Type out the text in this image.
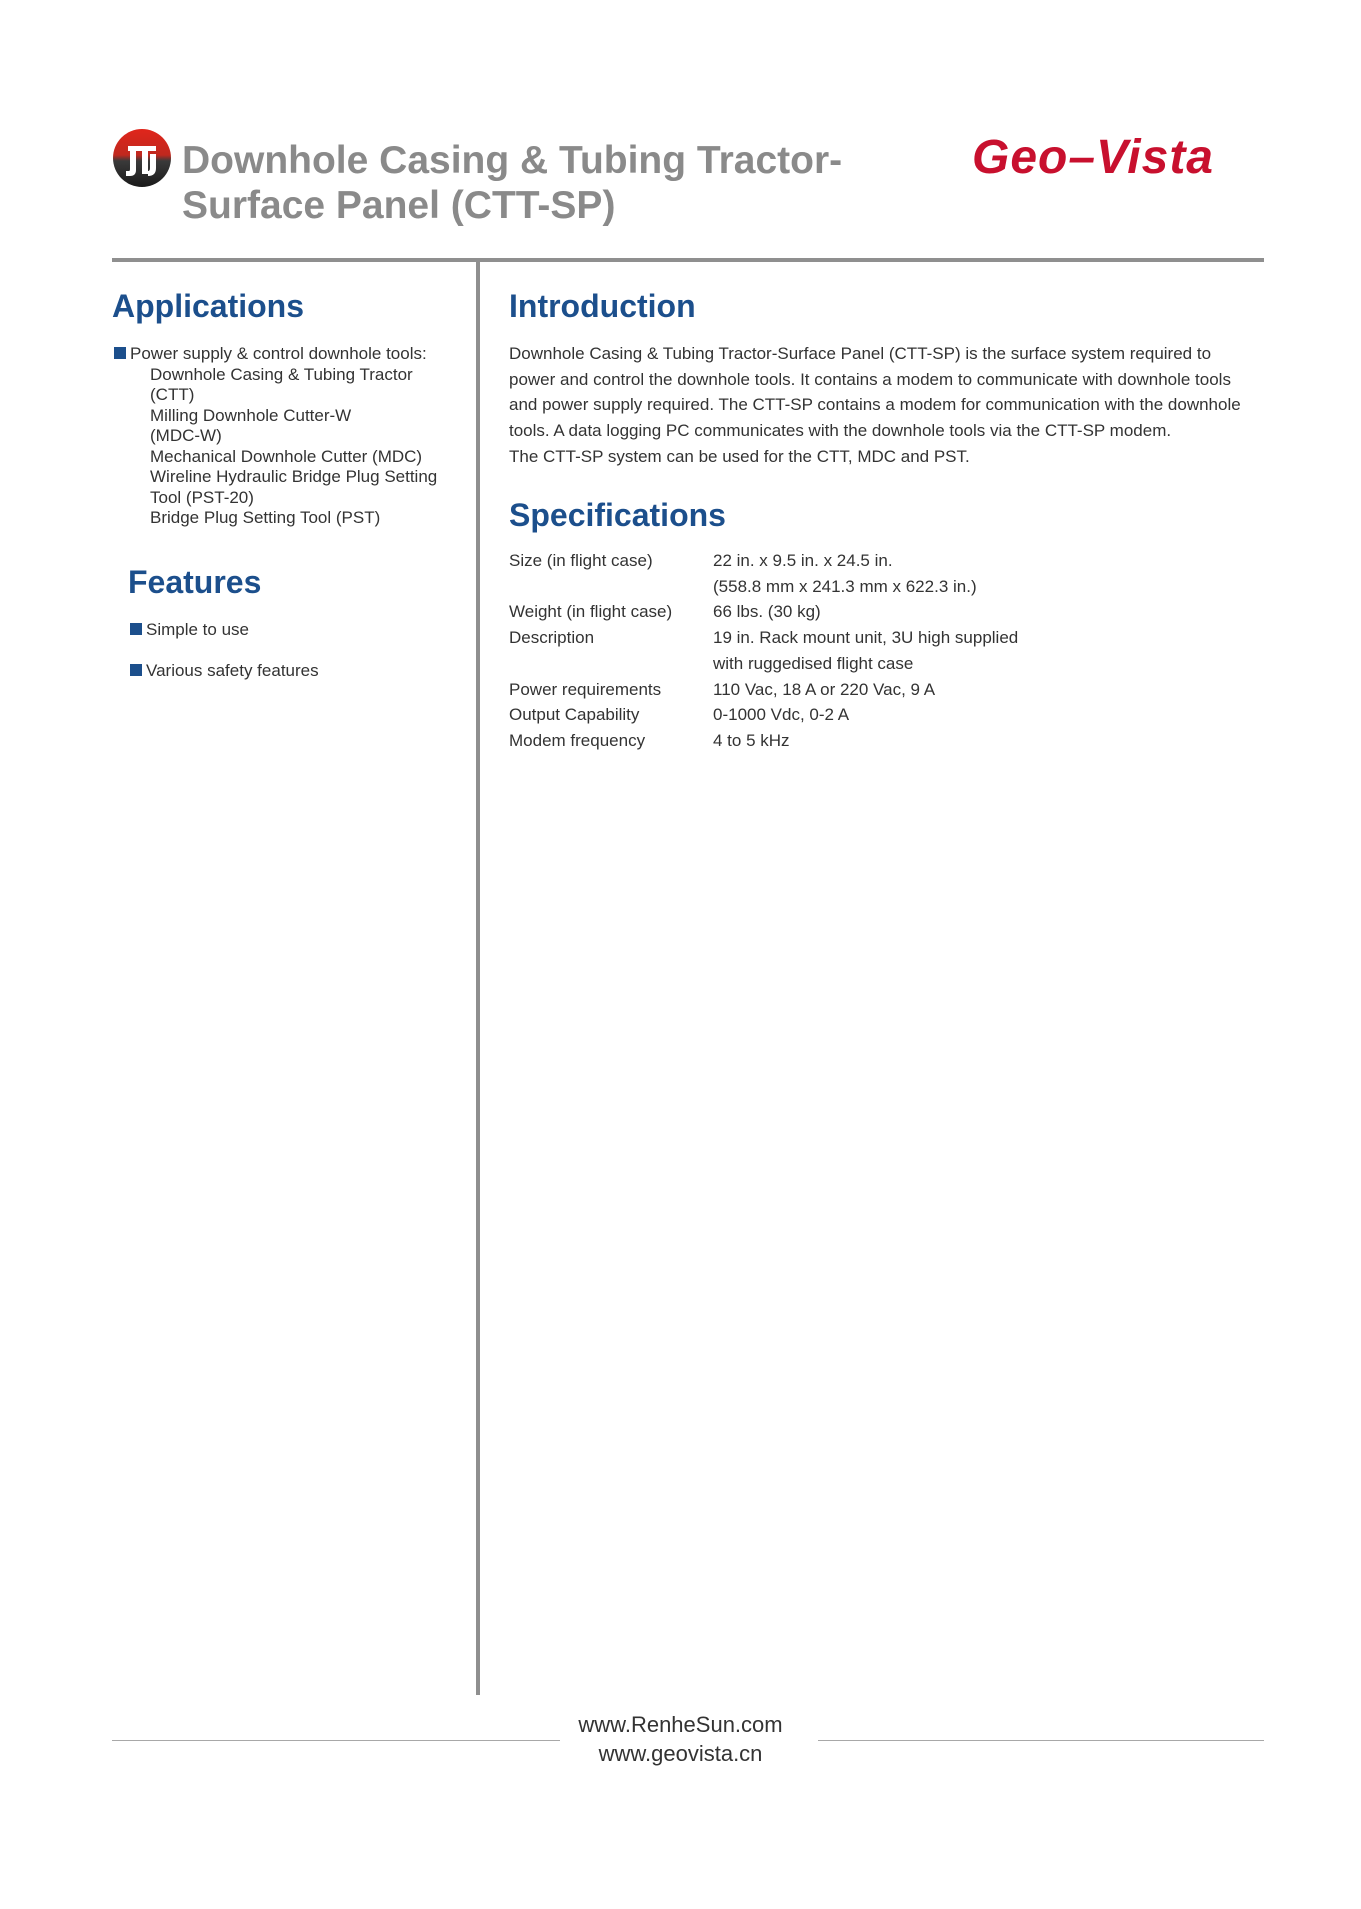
Downhole Casing & Tubing Tractor-
Surface Panel (CTT-SP)
Geo–Vista
Applications
Power supply & control downhole tools:
Downhole Casing & Tubing Tractor
(CTT)
Milling Downhole Cutter-W
(MDC-W)
Mechanical Downhole Cutter (MDC)
Wireline Hydraulic Bridge Plug Setting
Tool (PST-20)
Bridge Plug Setting Tool (PST)
Features
Simple to use
Various safety features
Introduction

Downhole Casing & Tubing Tractor-Surface Panel (CTT-SP) is the surface system required to power and control the downhole tools. It contains a modem to communicate with downhole tools and power supply required. The CTT-SP contains a modem for communication with the downhole tools. A data logging PC communicates with the downhole tools via the CTT-SP modem.

The CTT-SP system can be used for the CTT, MDC and PST.

Specifications
Size (in flight case)	22 in. x 9.5 in. x 24.5 in.
(558.8 mm x 241.3 mm x 622.3 in.)

Weight (in flight case)	66 lbs. (30 kg)
Description	19 in. Rack mount unit, 3U high supplied
with ruggedised flight case

Power requirements	110 Vac, 18 A or 220 Vac, 9 A
Output Capability	0-1000 Vdc, 0-2 A
Modem frequency	4 to 5 kHz
www.RenheSun.com
www.geovista.cn
